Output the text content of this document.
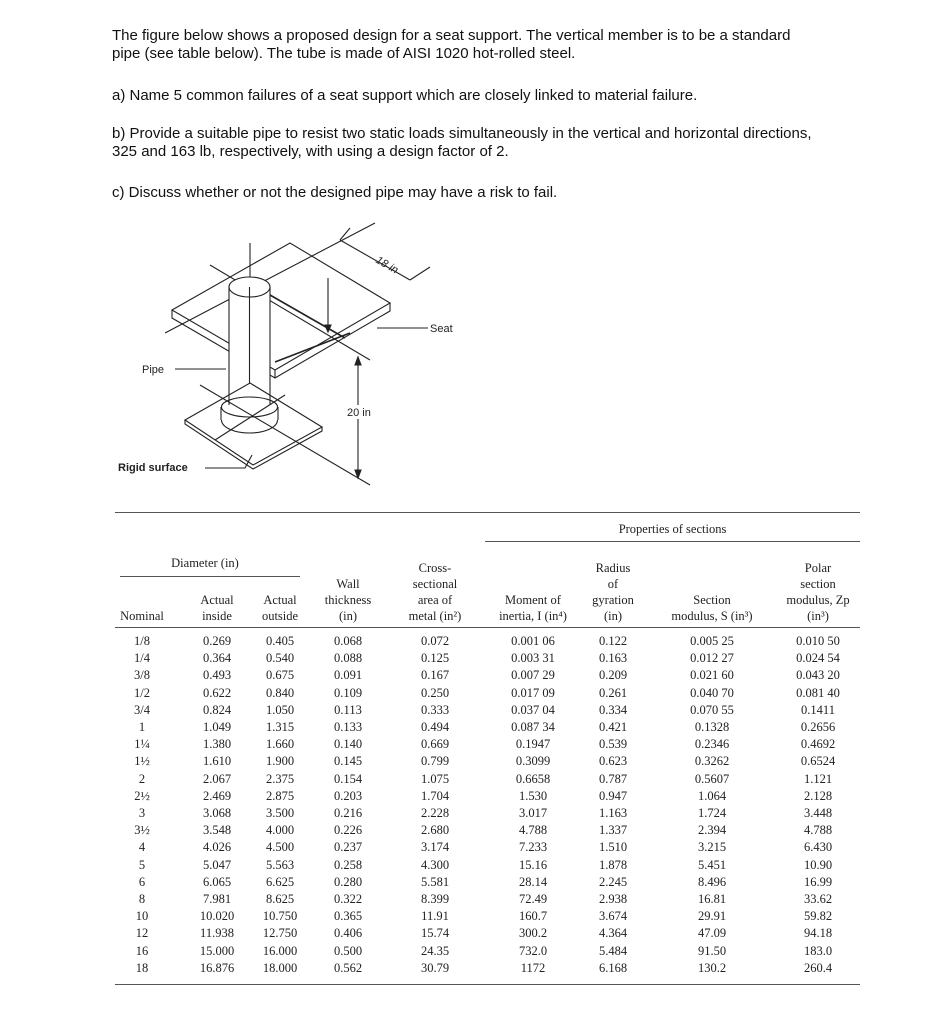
The figure below shows a proposed design for a seat support. The vertical member is to be a standard pipe (see table below). The tube is made of AISI 1020 hot-rolled steel.
a) Name 5 common failures of a seat support which are closely linked to material failure.
b) Provide a suitable pipe to resist two static loads simultaneously in the vertical and horizontal directions, 325 and 163 lb, respectively, with using a design factor of 2.
c) Discuss whether or not the designed pipe may have a risk to fail.
18 in
20 in
Seat
Pipe
Rigid surface
Properties of sections
Diameter (in)
Nominal
Actual
inside
Actual
outside
Wall
thickness
(in)
Cross-
sectional
area of
metal (in²)
Moment of
inertia, I (in⁴)
Radius
of
gyration
(in)
Section
modulus, S (in³)
Polar
section
modulus, Zp
(in³)
1/8	0.269	0.405	0.068	0.072	0.001 06	0.122	0.005 25	0.010 50
1/4	0.364	0.540	0.088	0.125	0.003 31	0.163	0.012 27	0.024 54
3/8	0.493	0.675	0.091	0.167	0.007 29	0.209	0.021 60	0.043 20
1/2	0.622	0.840	0.109	0.250	0.017 09	0.261	0.040 70	0.081 40
3/4	0.824	1.050	0.113	0.333	0.037 04	0.334	0.070 55	0.1411
1	1.049	1.315	0.133	0.494	0.087 34	0.421	0.1328	0.2656
1¼	1.380	1.660	0.140	0.669	0.1947	0.539	0.2346	0.4692
1½	1.610	1.900	0.145	0.799	0.3099	0.623	0.3262	0.6524
2	2.067	2.375	0.154	1.075	0.6658	0.787	0.5607	1.121
2½	2.469	2.875	0.203	1.704	1.530	0.947	1.064	2.128
3	3.068	3.500	0.216	2.228	3.017	1.163	1.724	3.448
3½	3.548	4.000	0.226	2.680	4.788	1.337	2.394	4.788
4	4.026	4.500	0.237	3.174	7.233	1.510	3.215	6.430
5	5.047	5.563	0.258	4.300	15.16	1.878	5.451	10.90
6	6.065	6.625	0.280	5.581	28.14	2.245	8.496	16.99
8	7.981	8.625	0.322	8.399	72.49	2.938	16.81	33.62
10	10.020	10.750	0.365	11.91	160.7	3.674	29.91	59.82
12	11.938	12.750	0.406	15.74	300.2	4.364	47.09	94.18
16	15.000	16.000	0.500	24.35	732.0	5.484	91.50	183.0
18	16.876	18.000	0.562	30.79	1172	6.168	130.2	260.4
